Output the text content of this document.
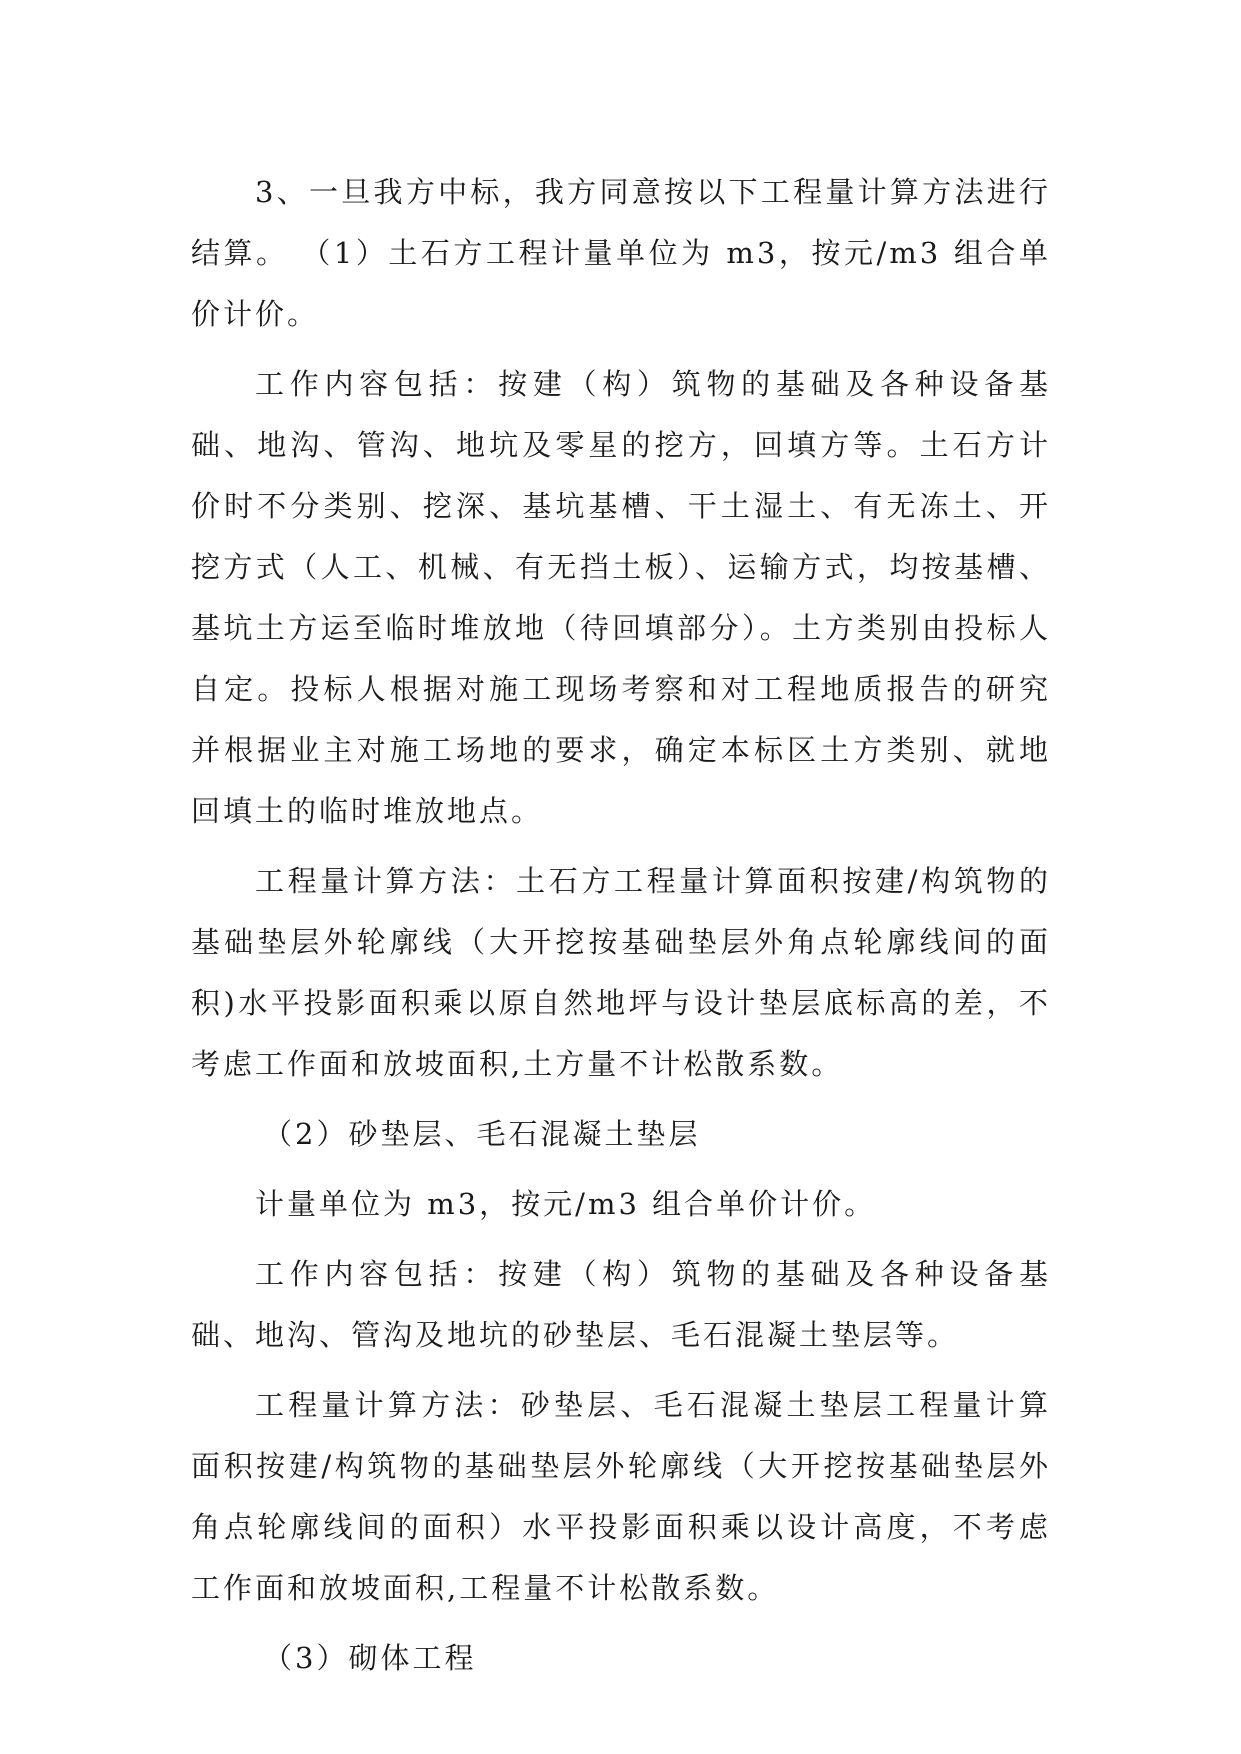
3、一旦我方中标，我方同意按以下工程量计算方法进行结算。 （1）土石方工程计量单位为 m3，按元/m3 组合单价计价。

工作内容包括：按建（构）筑物的基础及各种设备基础、地沟、管沟、地坑及零星的挖方，回填方等。土石方计价时不分类别、挖深、基坑基槽、干土湿土、有无冻土、开挖方式（人工、机械、有无挡土板）、运输方式，均按基槽、基坑土方运至临时堆放地（待回填部分）。土方类别由投标人自定。投标人根据对施工现场考察和对工程地质报告的研究并根据业主对施工场地的要求，确定本标区土方类别、就地回填土的临时堆放地点。

工程量计算方法：土石方工程量计算面积按建/构筑物的基础垫层外轮廓线（大开挖按基础垫层外角点轮廓线间的面积)水平投影面积乘以原自然地坪与设计垫层底标高的差，不考虑工作面和放坡面积,土方量不计松散系数。

（2）砂垫层、毛石混凝土垫层

计量单位为 m3，按元/m3 组合单价计价。

工作内容包括：按建（构）筑物的基础及各种设备基础、地沟、管沟及地坑的砂垫层、毛石混凝土垫层等。

工程量计算方法：砂垫层、毛石混凝土垫层工程量计算面积按建/构筑物的基础垫层外轮廓线（大开挖按基础垫层外角点轮廓线间的面积）水平投影面积乘以设计高度，不考虑工作面和放坡面积,工程量不计松散系数。

（3）砌体工程
